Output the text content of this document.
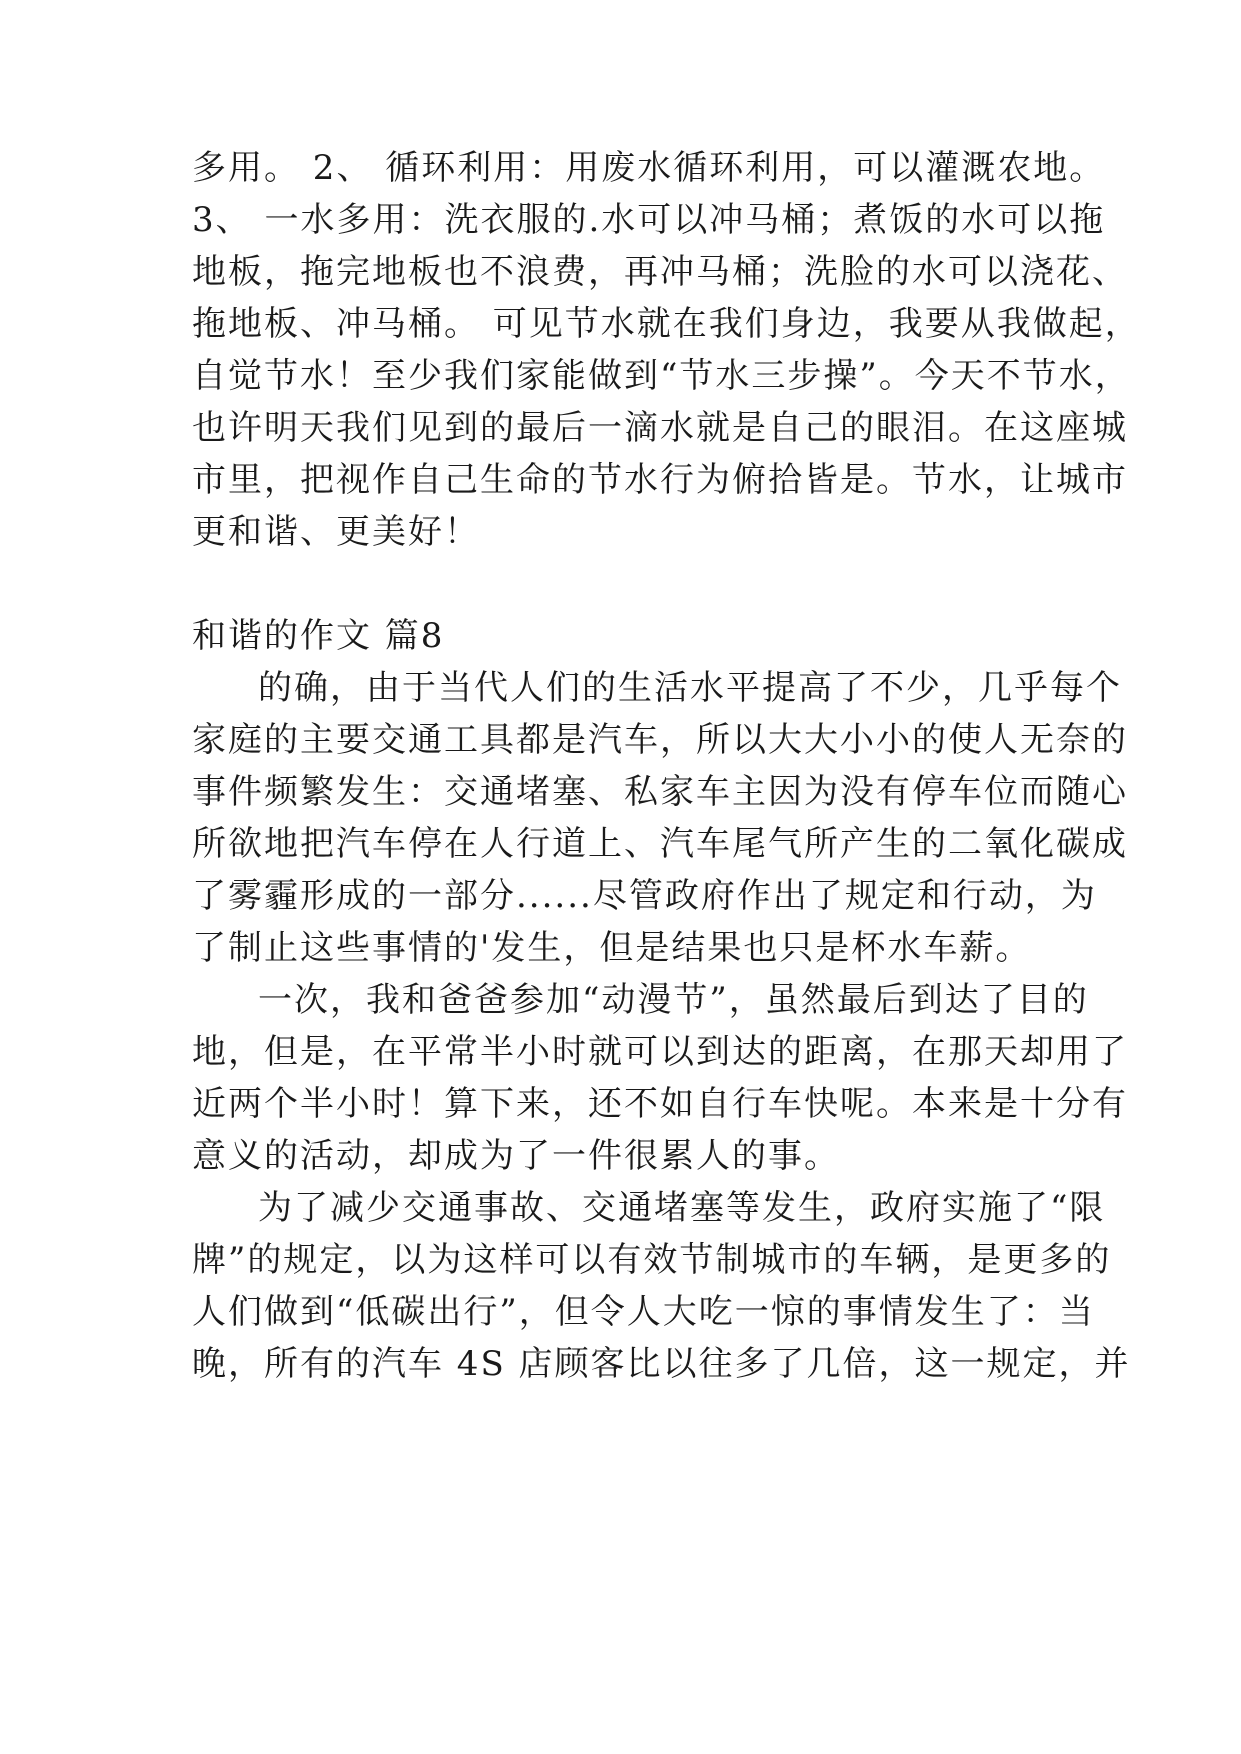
多用。 2、 循环利用：用废水循环利用，可以灌溉农地。
3、 一水多用：洗衣服的.水可以冲马桶；煮饭的水可以拖
地板，拖完地板也不浪费，再冲马桶；洗脸的水可以浇花、
拖地板、冲马桶。 可见节水就在我们身边，我要从我做起，
自觉节水！至少我们家能做到“节水三步操”。今天不节水，
也许明天我们见到的最后一滴水就是自己的眼泪。在这座城
市里，把视作自己生命的节水行为俯拾皆是。节水，让城市
更和谐、更美好！
和谐的作文 篇8
的确，由于当代人们的生活水平提高了不少，几乎每个
家庭的主要交通工具都是汽车，所以大大小小的使人无奈的
事件频繁发生：交通堵塞、私家车主因为没有停车位而随心
所欲地把汽车停在人行道上、汽车尾气所产生的二氧化碳成
了雾霾形成的一部分......尽管政府作出了规定和行动，为
了制止这些事情的'发生，但是结果也只是杯水车薪。
一次，我和爸爸参加“动漫节”，虽然最后到达了目的
地，但是，在平常半小时就可以到达的距离，在那天却用了
近两个半小时！算下来，还不如自行车快呢。本来是十分有
意义的活动，却成为了一件很累人的事。
为了减少交通事故、交通堵塞等发生，政府实施了“限
牌”的规定，以为这样可以有效节制城市的车辆，是更多的
人们做到“低碳出行”，但令人大吃一惊的事情发生了：当
晚，所有的汽车 4S 店顾客比以往多了几倍，这一规定，并
